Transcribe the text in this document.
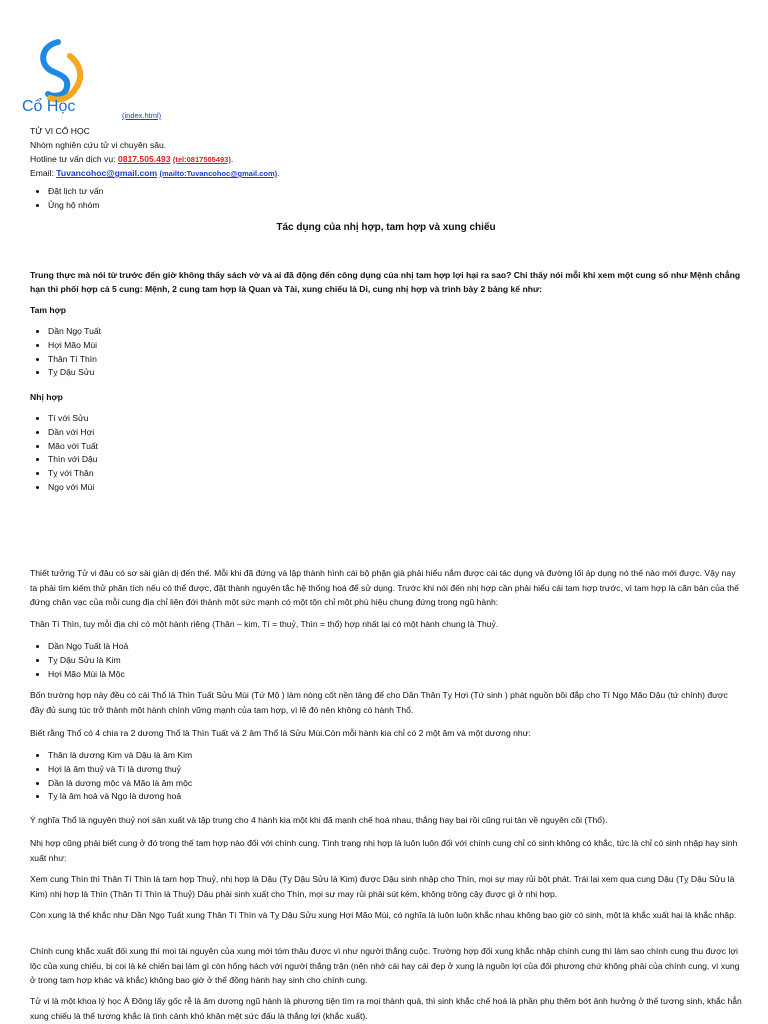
Cổ Học
(index.html)
TỬ VI CỔ HỌC
Nhóm nghiên cứu tử vi chuyên sâu.
Hotline tư vấn dịch vụ: 0817.505.493 (tel:0817505493).
Email: Tuvancohoc@gmail.com (mailto:Tuvancohoc@gmail.com).
• Đặt lịch tư vấn
• Ủng hộ nhóm
Tác dụng của nhị hợp, tam hợp và xung chiếu
Trung thực mà nói từ trước đến giờ không thấy sách vở và ai đã động đến công dụng của nhị tam hợp lợi hại ra sao? Chỉ thấy nói mỗi khi xem một cung số như Mệnh chẳng hạn thì phối hợp cả 5 cung: Mệnh, 2 cung tam hợp là Quan và Tài, xung chiếu là Di, cung nhị hợp và trình bày 2 bảng kế như:
Tam hợp
• Dần Ngọ Tuất
• Hợi Mão Mùi
• Thân Tí Thìn
• Tỵ Dậu Sửu
Nhị hợp
• Tí với Sửu
• Dần với Hợi
• Mão với Tuất
• Thìn với Dậu
• Tỵ với Thân
• Ngọ với Mùi

Thiết tưởng Tử vi đâu có sơ sài giản dị đến thế. Mỗi khi đã đứng và lập thành hình cái bộ phận già phải hiểu nắm được cái tác dụng và đường lối áp dụng nó thế nào mới được. Vậy nay ta phải tìm kiếm thử phân tích nếu có thể được, đặt thành nguyên tắc hệ thống hoá để sử dụng. Trước khi nói đến nhị hợp cần phải hiểu cái tam hợp trước, vì tam hợp là căn bản của thế đứng chân vạc của mỗi cung địa chỉ liên đới thành một sức mạnh có một tôn chỉ một phù hiệu chung đứng trong ngũ hành:

Thân Tí Thìn, tuy mỗi địa chi có một hành riêng (Thân – kim, Tí = thuỷ, Thìn = thổ) hợp nhất lại có một hành chung là Thuỷ.

• Dần Ngọ Tuất là Hoả
• Tỵ Dậu Sửu là Kim
• Hợi Mão Mùi là Mộc

Bốn trường hợp này đều có cái Thổ là Thìn Tuất Sửu Mùi (Tứ Mộ ) làm nòng cốt nền tảng để cho Dần Thân Tỵ Hợi (Tứ sinh ) phát nguồn bồi đắp cho Tí Ngọ Mão Dậu (tứ chính) được đầy đủ sung túc trở thành một hành chính vững mạnh của tam hợp, vì lẽ đó nên không có hành Thổ.

Biết rằng Thổ có 4 chia ra 2 dương Thổ là Thìn Tuất và 2 âm Thổ là Sửu Mùi.Còn mỗi hành kia chỉ có 2 một âm và một dương như:

• Thân là dương Kim và Dậu là âm Kim
• Hợi là âm thuỷ và Tí là dương thuỷ
• Dần là dương mộc và Mão là âm mộc
• Tỵ là âm hoả và Ngọ là dương hoả

Ý nghĩa Thổ là nguyên thuỷ nơi sản xuất và tập trung cho 4 hành kia một khi đã mạnh chế hoá nhau, thắng hay bại rồi cũng rụi tàn về nguyên cõi (Thổ).

Nhị hợp cũng phải biết cung ở đó trong thế tam hợp nào đối với chính cung. Tình trạng nhị hợp là luôn luôn đối với chính cung chỉ có sinh không có khắc, tức là chỉ có sinh nhập hay sinh xuất như:

Xem cung Thìn thì Thân Tí Thìn là tam hợp Thuỷ, nhị hợp là Dậu (Tỵ Dậu Sửu là Kim) được Dậu sinh nhập cho Thìn, mọi sự may rủi bột phát. Trái lại xem qua cung Dậu (Tỵ Dậu Sửu là Kim) nhị hợp là Thìn (Thân Tí Thìn là Thuỷ) Dậu phải sinh xuất cho Thìn, mọi sự may rủi phải sút kém, không trông cậy được gì ở nhị hợp.

Còn xung là thế khắc như Dần Ngọ Tuất xung Thân Tí Thìn và Tỵ Dậu Sửu xung Hợi Mão Mùi, có nghĩa là luôn luôn khắc nhau không bao giờ có sinh, một là khắc xuất hai là khắc nhập.

Chính cung khắc xuất đối xung thì mọi tài nguyên của xung mới tóm thâu được vì như người thắng cuộc. Trường hợp đối xung khắc nhập chính cung thì làm sao chính cung thu được lợi lộc của xung chiếu, bị coi là kẻ chiến bại làm gì còn hống hách với người thắng trận (nên nhớ cái hay cái đẹp ở xung là nguồn lợi của đối phương chứ không phải của chính cung, vì xung ở trong tam hợp khác và khắc) không bao giờ ở thế đồng hành hay sinh cho chính cung.

Tử vi là một khoa lý học Á Đông lấy gốc rễ là âm dương ngũ hành là phương tiện tìm ra mọi thành quả, thì sinh khắc chế hoá là phần phụ thêm bớt ảnh hưởng ở thế tương sinh, khắc hẳn xung chiếu là thế tương khắc là tình cảnh khó khăn mệt sức đấu là thắng lợi (khắc xuất).
